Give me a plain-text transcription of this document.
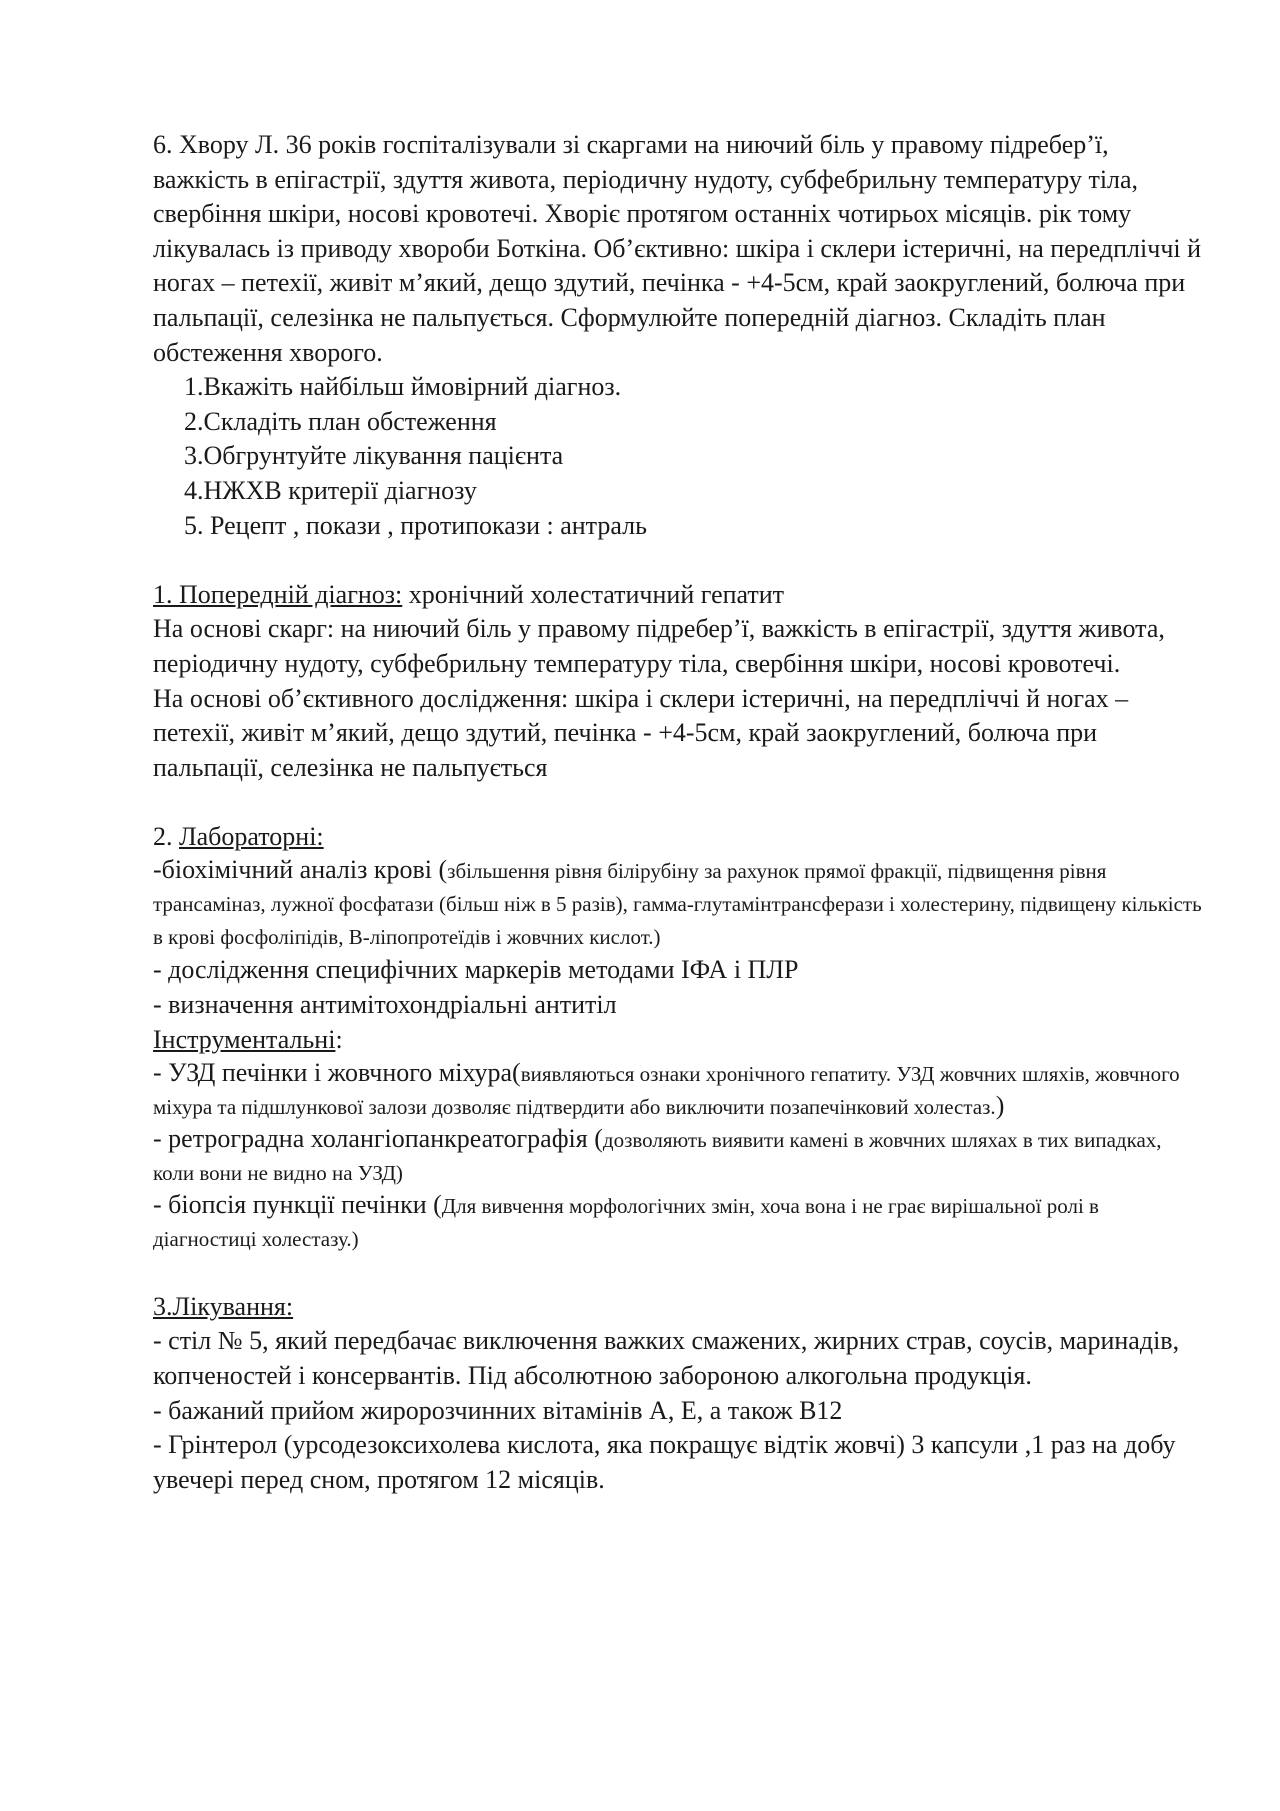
6. Хвору Л. 36 років госпіталізували зі скаргами на ниючий біль у правому підребер’ї, важкість в епігастрії, здуття живота, періодичну нудоту, субфебрильну температуру тіла, свербіння шкіри, носові кровотечі. Хворіє протягом останніх чотирьох місяців. рік тому лікувалась із приводу хвороби Боткіна. Об’єктивно: шкіра і склери істеричні, на передпліччі й ногах – петехії, живіт м’який, дещо здутий, печінка - +4-5см, край заокруглений, болюча при пальпації, селезінка не пальпується. Сформулюйте попередній діагноз. Складіть план обстеження хворого.

1.Вкажіть найбільш ймовірний діагноз.

2.Складіть план обстеження

3.Обгрунтуйте лікування пацієнта

4.НЖХВ критерії діагнозу

5. Рецепт , покази , протипокази : антраль

1. Попередній діагноз: хронічний холестатичний гепатит

На основі скарг: на ниючий біль у правому підребер’ї, важкість в епігастрії, здуття живота, періодичну нудоту, субфебрильну температуру тіла, свербіння шкіри, носові кровотечі.

На основі об’єктивного дослідження: шкіра і склери істеричні, на передпліччі й ногах – петехії, живіт м’який, дещо здутий, печінка - +4-5см, край заокруглений, болюча при пальпації, селезінка не пальпується

2. Лабораторні:

-біохімічний аналіз крові (збільшення рівня білірубіну за рахунок прямої фракції, підвищення рівня трансаміназ, лужної фосфатази (більш ніж в 5 разів), гамма-глутамінтрансферази і холестерину, підвищену кількість в крові фосфоліпідів, В-ліпопротеїдів і жовчних кислот.)

- дослідження специфічних маркерів методами ІФА і ПЛР

- визначення антимітохондріальні антитіл

Інструментальні:

- УЗД печінки і жовчного міхура(виявляються ознаки хронічного гепатиту. УЗД жовчних шляхів, жовчного міхура та підшлункової залози дозволяє підтвердити або виключити позапечінковий холестаз.)

- ретроградна холангіопанкреатографія (дозволяють виявити камені в жовчних шляхах в тих випадках, коли вони не видно на УЗД)

- біопсія пункції печінки (Для вивчення морфологічних змін, хоча вона і не грає вирішальної ролі в діагностиці холестазу.)

3.Лікування:

- стіл № 5, який передбачає виключення важких смажених, жирних страв, соусів, маринадів, копченостей і консервантів. Під абсолютною забороною алкогольна продукція.

- бажаний прийом жиророзчинних вітамінів А, Е, а також В12

- Грінтерол (урсодезоксихолева кислота, яка покращує відтік жовчі) 3 капсули ,1 раз на добу увечері перед сном, протягом 12 місяців.
